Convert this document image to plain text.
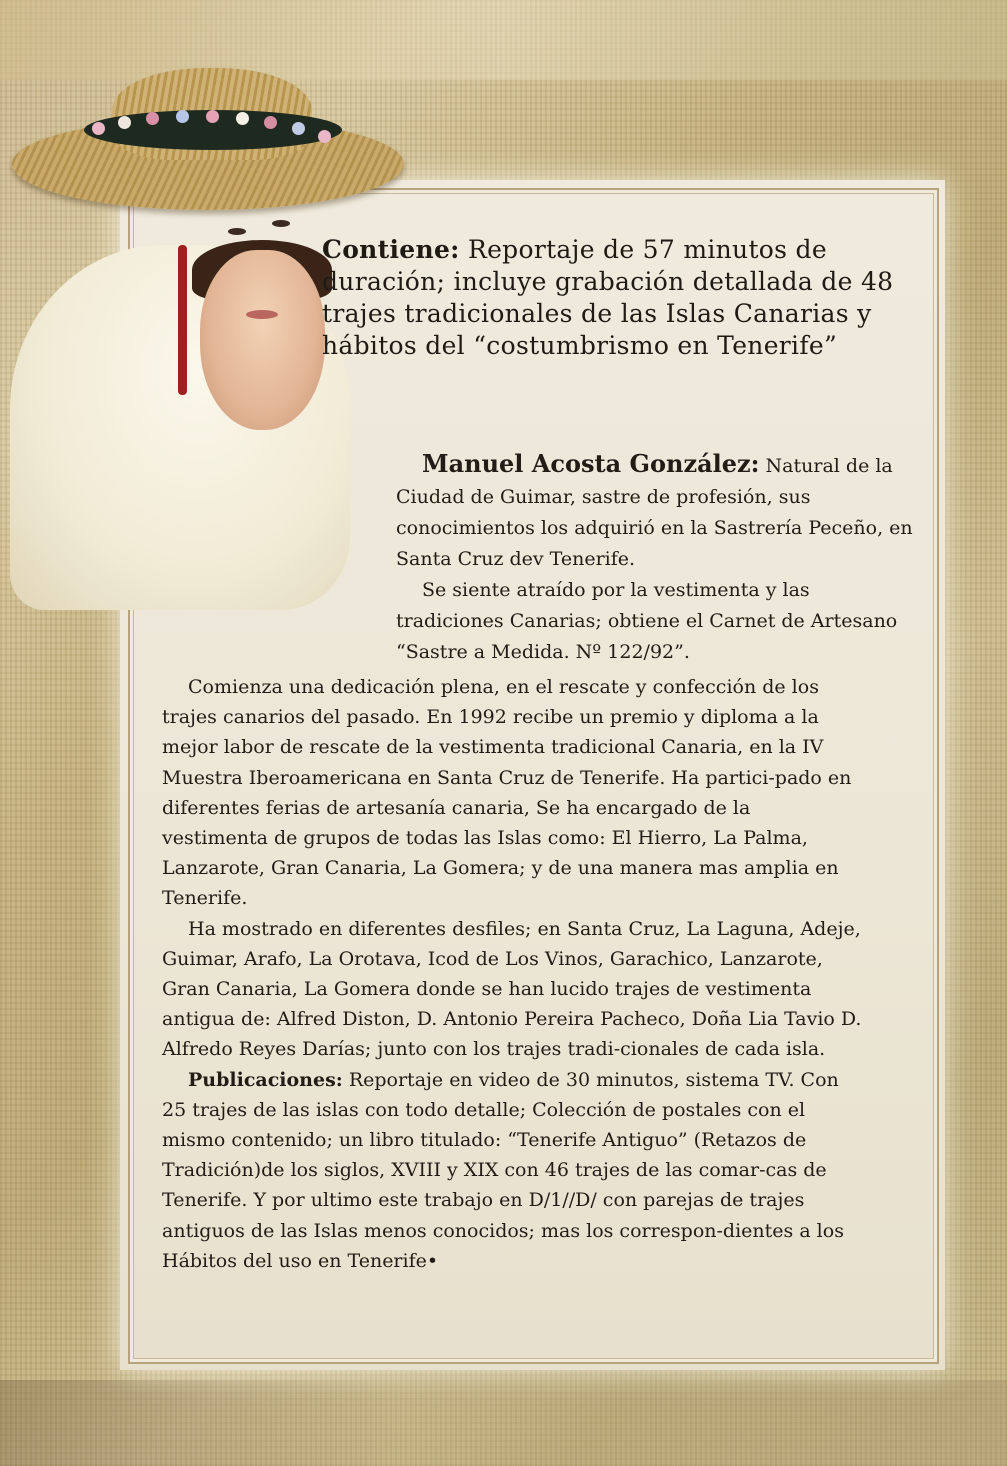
Contiene: Reportaje de 57 minutos de duración; incluye grabación detallada de 48 trajes tradicionales de las Islas Canarias y hábitos del “costumbrismo en Tenerife”

Manuel Acosta González: Natural de la Ciudad de Guimar, sastre de profesión, sus conocimientos los adquirió en la Sastrería Peceño, en Santa Cruz dev Tenerife.

Se siente atraído por la vestimenta y las tradiciones Canarias; obtiene el Carnet de Artesano “Sastre a Medida. Nº 122/92”.

Comienza una dedicación plena, en el rescate y confección de los trajes canarios del pasado. En 1992 recibe un premio y diploma a la mejor labor de rescate de la vestimenta tradicional Canaria, en la IV Muestra Iberoamericana en Santa Cruz de Tenerife. Ha partici-pado en diferentes ferias de artesanía canaria, Se ha encargado de la vestimenta de grupos de todas las Islas como: El Hierro, La Palma, Lanzarote, Gran Canaria, La Gomera; y de una manera mas amplia en Tenerife.

Ha mostrado en diferentes desfiles; en Santa Cruz, La Laguna, Adeje, Guimar, Arafo, La Orotava, Icod de Los Vinos, Garachico, Lanzarote, Gran Canaria, La Gomera donde se han lucido trajes de vestimenta antigua de: Alfred Diston, D. Antonio Pereira Pacheco, Doña Lia Tavio D. Alfredo Reyes Darías; junto con los trajes tradi-cionales de cada isla.

Publicaciones: Reportaje en video de 30 minutos, sistema TV. Con 25 trajes de las islas con todo detalle; Colección de postales con el mismo contenido; un libro titulado: “Tenerife Antiguo” (Retazos de Tradición)de los siglos, XVIII y XIX con 46 trajes de las comar-cas de Tenerife. Y por ultimo este trabajo en D/1//D/ con parejas de trajes antiguos de las Islas menos conocidos; mas los correspon-dientes a los Hábitos del uso en Tenerife•
